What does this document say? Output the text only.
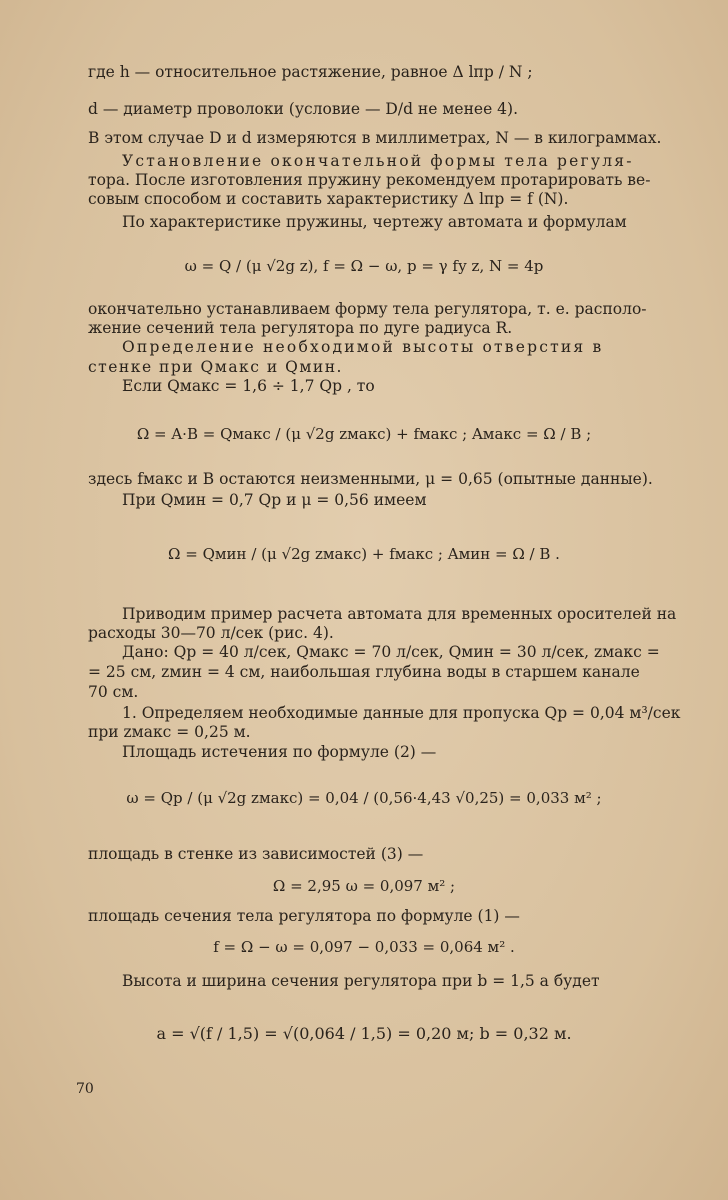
где h — относительное растяжение, равное Δ lпр / N ;
d — диаметр проволоки (условие — D/d не менее 4).
В этом случае D и d измеряются в миллиметрах, N — в килограммах.
Установление окончательной формы тела регуля-
тора. После изготовления пружину рекомендуем протарировать ве-
совым способом и составить характеристику Δ lпр = f (N).
По характеристике пружины, чертежу автомата и формулам
ω = Q / (μ √2g z), f = Ω − ω, p = γ fу z, N = 4p
окончательно устанавливаем форму тела регулятора, т. е. располо-
жение сечений тела регулятора по дуге радиуса R.
Определение необходимой высоты отверстия в
стенке при Qмакс и Qмин.
Если Qмакс = 1,6 ÷ 1,7 Qр , то
Ω = A·B = Qмакс / (μ √2g zмакс) + fмакс ; Aмакс = Ω / B ;
здесь fмакс и B остаются неизменными, μ = 0,65 (опытные данные).
При Qмин = 0,7 Qр и μ = 0,56 имеем
Ω = Qмин / (μ √2g zмакс) + fмакс ; Aмин = Ω / B .
Приводим пример расчета автомата для временных оросителей на
расходы 30—70 л/сек (рис. 4).
Дано: Qр = 40 л/сек, Qмакс = 70 л/сек, Qмин = 30 л/сек, zмакс =
= 25 см, zмин = 4 см, наибольшая глубина воды в старшем канале
70 см.
1. Определяем необходимые данные для пропуска Qр = 0,04 м³/сек
при zмакс = 0,25 м.
Площадь истечения по формуле (2) —
ω = Qр / (μ √2g zмакс) = 0,04 / (0,56·4,43 √0,25) = 0,033 м² ;
площадь в стенке из зависимостей (3) —
Ω = 2,95 ω = 0,097 м² ;
площадь сечения тела регулятора по формуле (1) —
f = Ω − ω = 0,097 − 0,033 = 0,064 м² .
Высота и ширина сечения регулятора при b = 1,5 a будет
a = √(f / 1,5) = √(0,064 / 1,5) = 0,20 м; b = 0,32 м.
70
